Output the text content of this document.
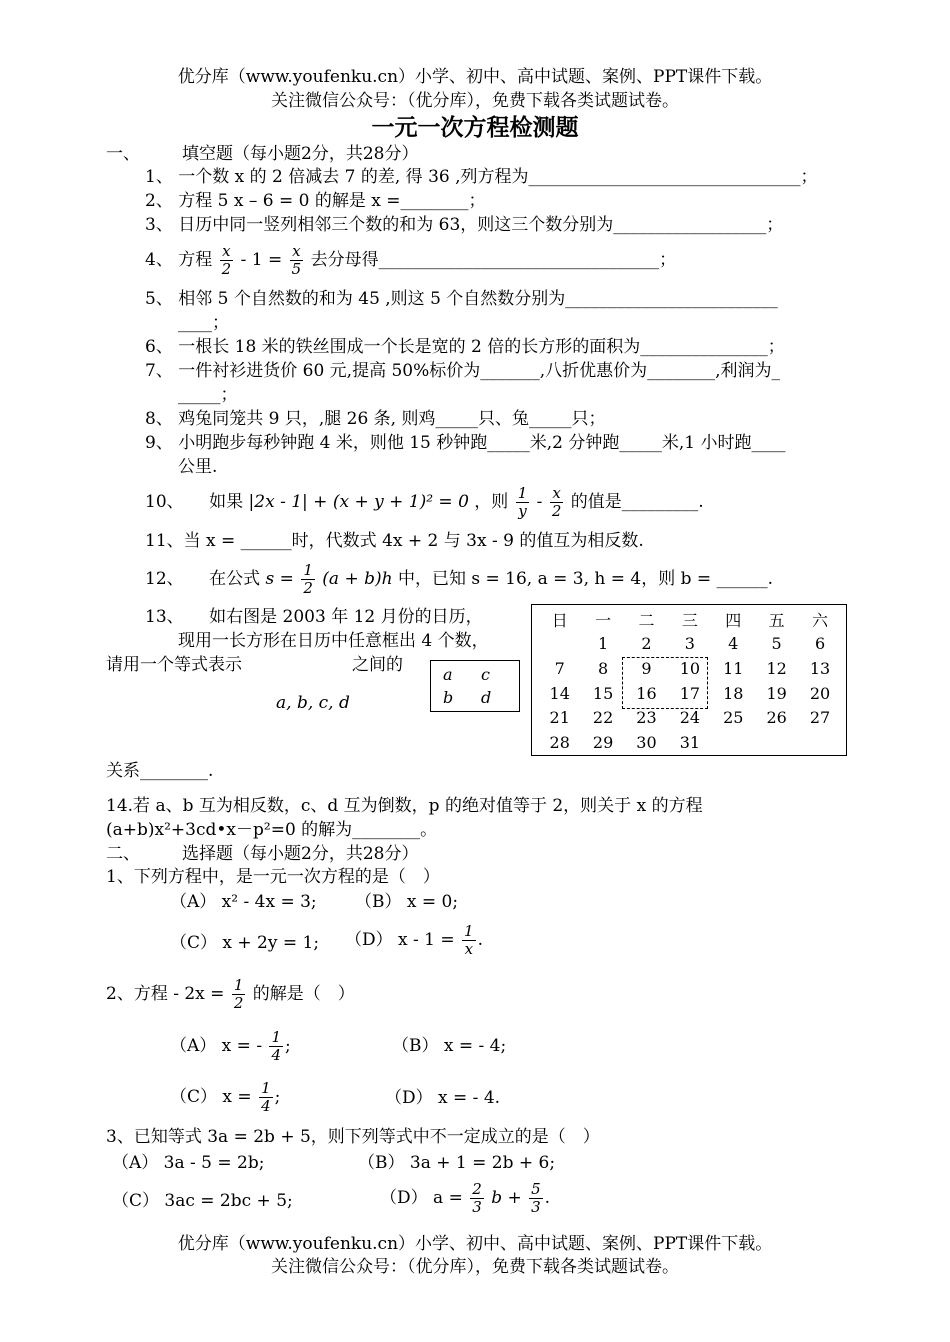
优分库（www.youfenku.cn）小学、初中、高中试题、案例、PPT课件下载。
关注微信公众号：（优分库），免费下载各类试题试卷。
一元一次方程检测题
一、 填空题（每小题2分，共28分）
1、 一个数 x 的 2 倍减去 7 的差, 得 36 ,列方程为________________________________；
2、 方程 5 x – 6 = 0 的解是 x =________；
3、 日历中同一竖列相邻三个数的和为 63，则这三个数分别为__________________；
4、 方程 $\frac{x}{2} - 1 = \frac{x}{5}$ 去分母得_________________________________；
5、 相邻 5 个自然数的和为 45 ,则这 5 个自然数分别为_________________________
____；
6、 一根长 18 米的铁丝围成一个长是宽的 2 倍的长方形的面积为_______________；
7、 一件衬衫进货价 60 元,提高 50%标价为_______,八折优惠价为________,利润为_
_____；
8、 鸡兔同笼共 9 只，,腿 26 条, 则鸡_____只、兔_____只；
9、 小明跑步每秒钟跑 4 米，则他 15 秒钟跑_____米,2 分钟跑_____米,1 小时跑____
公里.
10、　　如果 |2x - 1| + (x + y + 1)² = 0 ，则 $\frac{1}{y} - \frac{x}{2}$ 的值是_________.
11、当 x = ______时，代数式 4x + 2 与 3x - 9 的值互为相反数.
12、　　在公式 $s = \frac{1}{2} (a + b)h$ 中，已知 s = 16, a = 3, h = 4，则 b = ______.
13、　　如右图是 2003 年 12 月份的日历，
现用一长方形在日历中任意框出 4 个数，
请用一个等式表示	之间的
a, b, c, d
a c
b d
日	一	二	三	四	五	六
	1	2	3	4	5	6
7	8	9	10	11	12	13
14	15	16	17	18	19	20
21	22	23	24	25	26	27
28	29	30	31			
关系________.
14.若 a、b 互为相反数，c、d 互为倒数，p 的绝对值等于 2，则关于 x 的方程
(a+b)x²+3cd•x－p²=0 的解为________。
二、 选择题（每小题2分，共28分）
1、下列方程中，是一元一次方程的是（　）
（A） x² - 4x = 3; （B） x = 0;
（C） x + 2y = 1; （D） $x - 1 = \frac{1}{x}$ .
2、方程 - $2x = \frac{1}{2}$ 的解是（　）
（A） x = - $\frac{1}{4}$ ;	（B） x = - 4;
（C） $x = \frac{1}{4}$ ;	（D） x = - 4.
3、已知等式 3a = 2b + 5，则下列等式中不一定成立的是（　）
（A） 3a - 5 = 2b;	（B） 3a + 1 = 2b + 6;
（C） 3ac = 2bc + 5;	（D） $a = \frac{2}{3}$ $b + \frac{5}{3}$ .
优分库（www.youfenku.cn）小学、初中、高中试题、案例、PPT课件下载。
关注微信公众号：（优分库），免费下载各类试题试卷。
